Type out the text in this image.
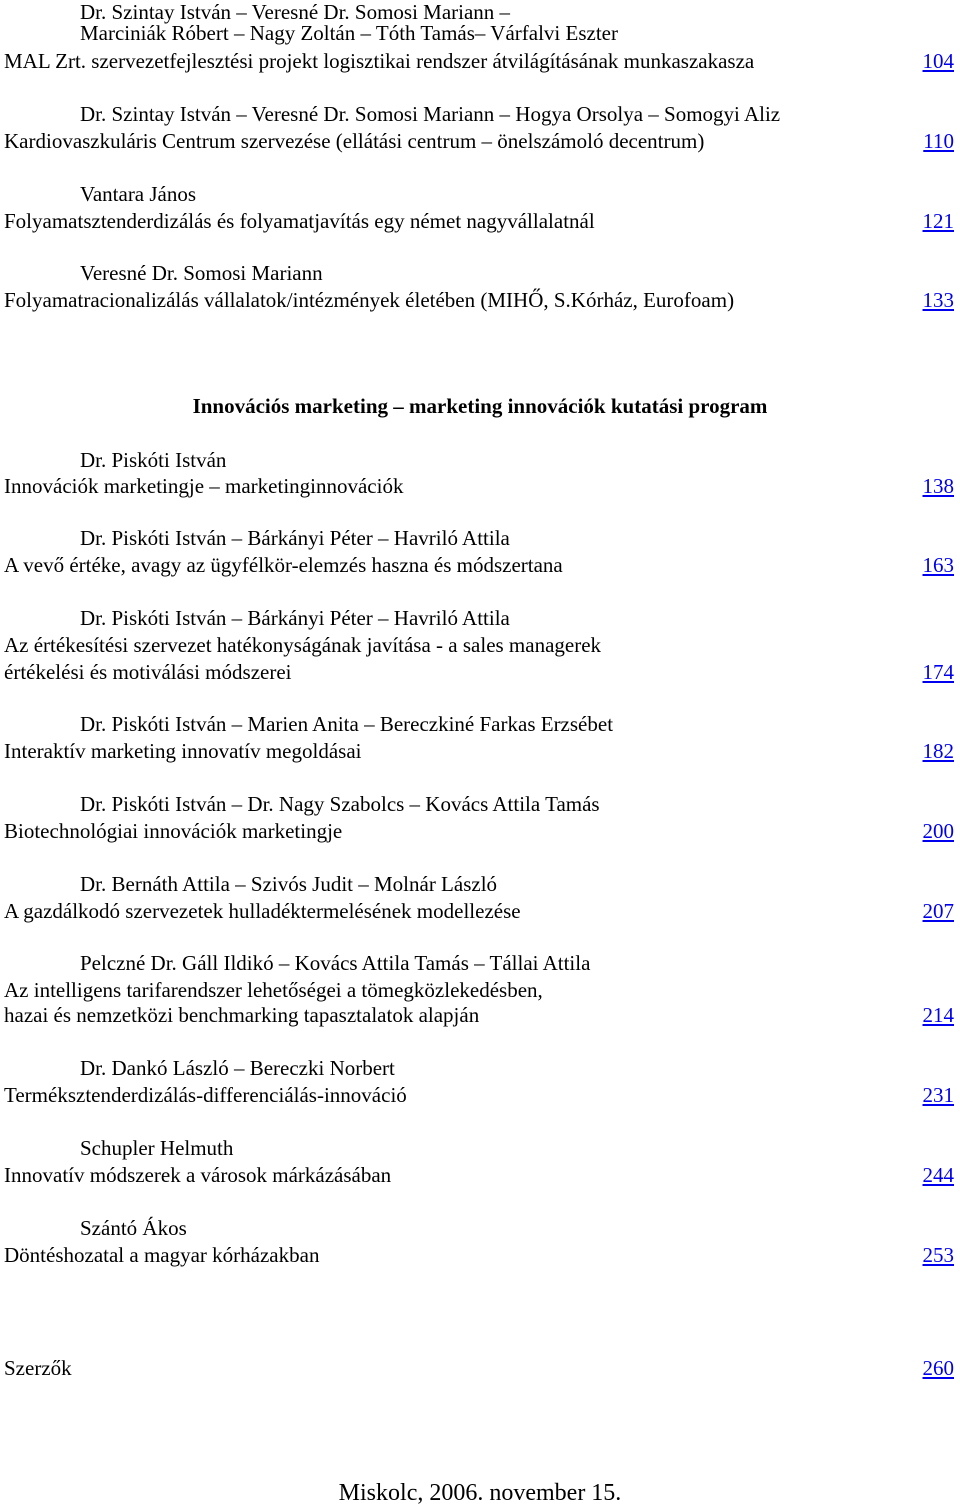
Dr. Szintay István – Veresné Dr. Somosi Mariann –
Marciniák Róbert – Nagy Zoltán – Tóth Tamás– Várfalvi Eszter
MAL Zrt. szervezetfejlesztési projekt logisztikai rendszer átvilágításának munkaszakasza	104
Dr. Szintay István – Veresné Dr. Somosi Mariann – Hogya Orsolya – Somogyi Aliz
Kardiovaszkuláris Centrum szervezése (ellátási centrum – önelszámoló decentrum)	110
Vantara János
Folyamatsztenderdizálás és folyamatjavítás egy német nagyvállalatnál	121
Veresné Dr. Somosi Mariann
Folyamatracionalizálás vállalatok/intézmények életében (MIHŐ, S.Kórház, Eurofoam)	133
Innovációs marketing – marketing innovációk kutatási program
Dr. Piskóti István
Innovációk marketingje – marketinginnovációk	138
Dr. Piskóti István – Bárkányi Péter – Havriló Attila
A vevő értéke, avagy az ügyfélkör-elemzés haszna és módszertana	163
Dr. Piskóti István – Bárkányi Péter – Havriló Attila
Az értékesítési szervezet hatékonyságának javítása - a sales managerek
értékelési és motiválási módszerei	174
Dr. Piskóti István – Marien Anita – Bereczkiné Farkas Erzsébet
Interaktív marketing innovatív megoldásai	182
Dr. Piskóti István – Dr. Nagy Szabolcs – Kovács Attila Tamás
Biotechnológiai innovációk marketingje	200
Dr. Bernáth Attila – Szivós Judit – Molnár László
A gazdálkodó szervezetek hulladéktermelésének modellezése	207
Pelczné Dr. Gáll Ildikó – Kovács Attila Tamás – Tállai Attila
Az intelligens tarifarendszer lehetőségei a tömegközlekedésben,
hazai és nemzetközi benchmarking tapasztalatok alapján	214
Dr. Dankó László – Bereczki Norbert
Terméksztenderdizálás-differenciálás-innováció	231
Schupler Helmuth
Innovatív módszerek a városok márkázásában	244
Szántó Ákos
Döntéshozatal a magyar kórházakban	253
Szerzők	260
Miskolc, 2006. november 15.
